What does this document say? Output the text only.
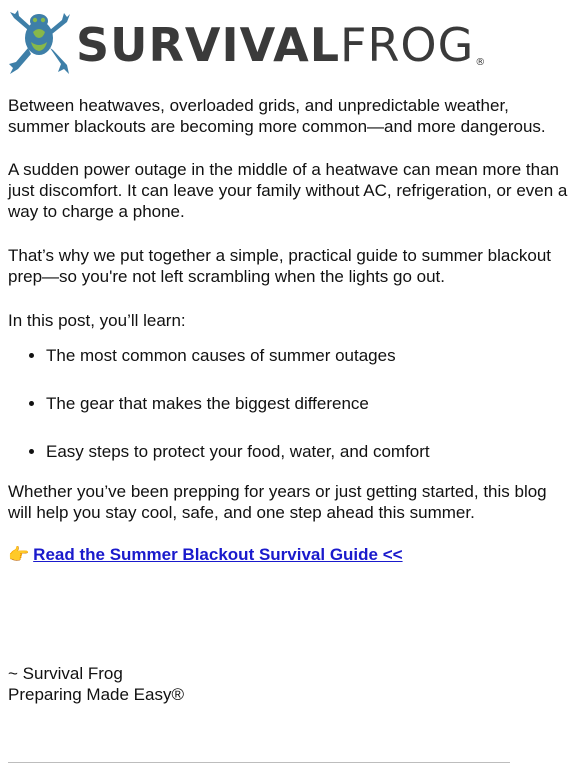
SURVIVALFROG®

Between heatwaves, overloaded grids, and unpredictable weather, summer blackouts are becoming more common—and more dangerous.

A sudden power outage in the middle of a heatwave can mean more than just discomfort. It can leave your family without AC, refrigeration, or even a way to charge a phone.

That’s why we put together a simple, practical guide to summer blackout prep—so you're not left scrambling when the lights go out.

In this post, you’ll learn:

• The most common causes of summer outages
• The gear that makes the biggest difference
• Easy steps to protect your food, water, and comfort

Whether you’ve been prepping for years or just getting started, this blog will help you stay cool, safe, and one step ahead this summer.

👉 Read the Summer Blackout Survival Guide <<

~ Survival Frog
Preparing Made Easy®
